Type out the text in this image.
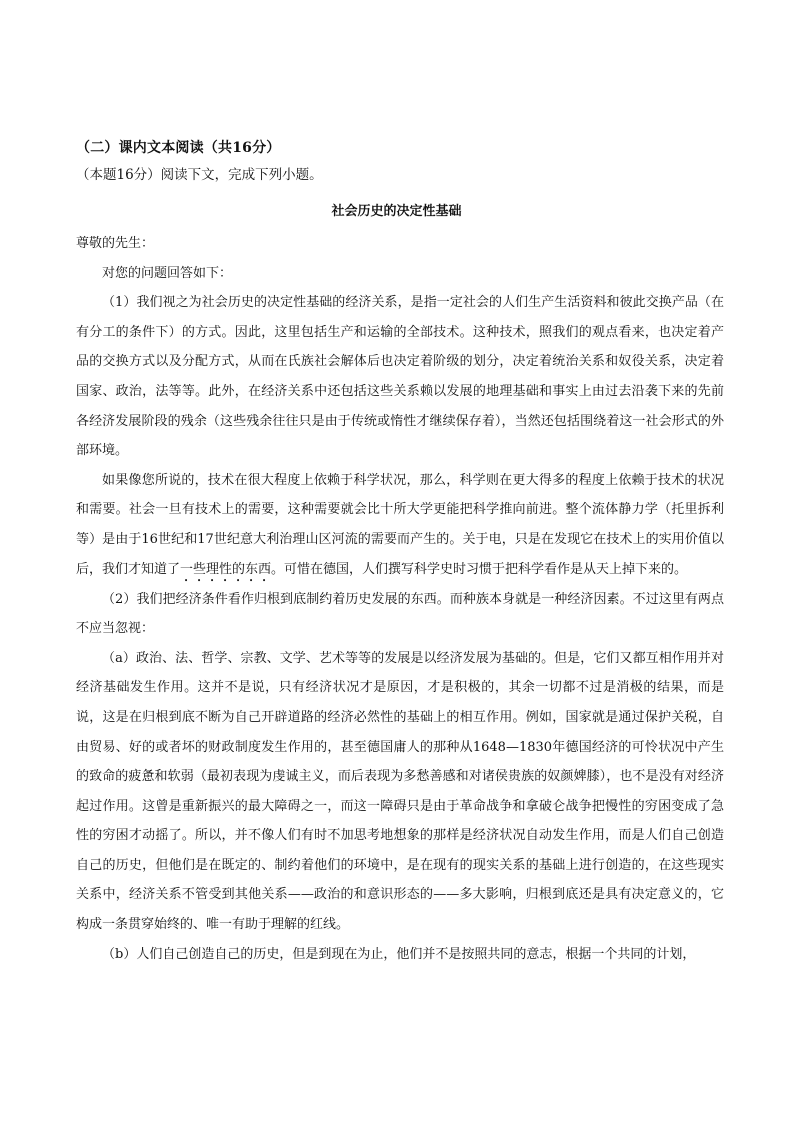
（二）课内文本阅读（共16分）
（本题16分）阅读下文，完成下列小题。
社会历史的决定性基础

尊敬的先生：

对您的问题回答如下：

（1）我们视之为社会历史的决定性基础的经济关系，是指一定社会的人们生产生活资料和彼此交换产品（在有分工的条件下）的方式。因此，这里包括生产和运输的全部技术。这种技术，照我们的观点看来，也决定着产品的交换方式以及分配方式，从而在氏族社会解体后也决定着阶级的划分，决定着统治关系和奴役关系，决定着国家、政治，法等等。此外，在经济关系中还包括这些关系赖以发展的地理基础和事实上由过去沿袭下来的先前各经济发展阶段的残余（这些残余往往只是由于传统或惰性才继续保存着），当然还包括围绕着这一社会形式的外部环境。

如果像您所说的，技术在很大程度上依赖于科学状况，那么，科学则在更大得多的程度上依赖于技术的状况和需要。社会一旦有技术上的需要，这种需要就会比十所大学更能把科学推向前进。整个流体静力学（托里拆利等）是由于16世纪和17世纪意大利治理山区河流的需要而产生的。关于电，只是在发现它在技术上的实用价值以后，我们才知道了一些理性的东西。可惜在德国，人们撰写科学史时习惯于把科学看作是从天上掉下来的。

（2）我们把经济条件看作归根到底制约着历史发展的东西。而种族本身就是一种经济因素。不过这里有两点不应当忽视：

（a）政治、法、哲学、宗教、文学、艺术等等的发展是以经济发展为基础的。但是，它们又都互相作用并对经济基础发生作用。这并不是说，只有经济状况才是原因，才是积极的，其余一切都不过是消极的结果，而是说，这是在归根到底不断为自己开辟道路的经济必然性的基础上的相互作用。例如，国家就是通过保护关税，自由贸易、好的或者坏的财政制度发生作用的，甚至德国庸人的那种从1648—1830年德国经济的可怜状况中产生的致命的疲惫和软弱（最初表现为虔诚主义，而后表现为多愁善感和对诸侯贵族的奴颜婢膝），也不是没有对经济起过作用。这曾是重新振兴的最大障碍之一，而这一障碍只是由于革命战争和拿破仑战争把慢性的穷困变成了急性的穷困才动摇了。所以，并不像人们有时不加思考地想象的那样是经济状况自动发生作用，而是人们自己创造自己的历史，但他们是在既定的、制约着他们的环境中，是在现有的现实关系的基础上进行创造的，在这些现实关系中，经济关系不管受到其他关系——政治的和意识形态的——多大影响，归根到底还是具有决定意义的，它构成一条贯穿始终的、唯一有助于理解的红线。

（b）人们自己创造自己的历史，但是到现在为止，他们并不是按照共同的意志，根据一个共同的计划，
